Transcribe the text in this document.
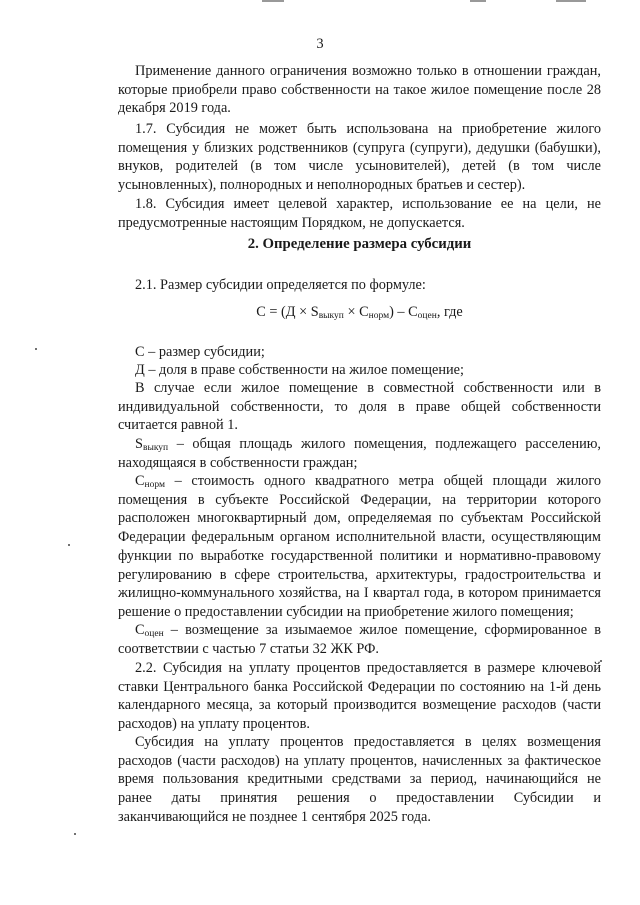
3
Применение данного ограничения возможно только в отношении граждан, которые приобрели право собственности на такое жилое помещение после 28 декабря 2019 года.
1.7. Субсидия не может быть использована на приобретение жилого помещения у близких родственников (супруга (супруги), дедушки (бабушки), внуков, родителей (в том числе усыновителей), детей (в том числе усыновленных), полнородных и неполнородных братьев и сестер).
1.8. Субсидия имеет целевой характер, использование ее на цели, не предусмотренные настоящим Порядком, не допускается.
2. Определение размера субсидии
2.1. Размер субсидии определяется по формуле:
$С = (Д \times S_{выкуп} \times С_{норм}) - С_{оцен}$, где
С – размер субсидии;
Д – доля в праве собственности на жилое помещение;
В случае если жилое помещение в совместной собственности или в индивидуальной собственности, то доля в праве общей собственности считается равной 1.
$S_{выкуп}$ – общая площадь жилого помещения, подлежащего расселению, находящаяся в собственности граждан;
$С_{норм}$ – стоимость одного квадратного метра общей площади жилого помещения в субъекте Российской Федерации, на территории которого расположен многоквартирный дом, определяемая по субъектам Российской Федерации федеральным органом исполнительной власти, осуществляющим функции по выработке государственной политики и нормативно-правовому регулированию в сфере строительства, архитектуры, градостроительства и жилищно-коммунального хозяйства, на I квартал года, в котором принимается решение о предоставлении субсидии на приобретение жилого помещения;
$С_{оцен}$ – возмещение за изымаемое жилое помещение, сформированное в соответствии с частью 7 статьи 32 ЖК РФ.
2.2. Субсидия на уплату процентов предоставляется в размере ключевой ставки Центрального банка Российской Федерации по состоянию на 1-й день календарного месяца, за который производится возмещение расходов (части расходов) на уплату процентов.
Субсидия на уплату процентов предоставляется в целях возмещения расходов (части расходов) на уплату процентов, начисленных за фактическое время пользования кредитными средствами за период, начинающийся не ранее даты принятия решения о предоставлении Субсидии и заканчивающийся не позднее 1 сентября 2025 года.
